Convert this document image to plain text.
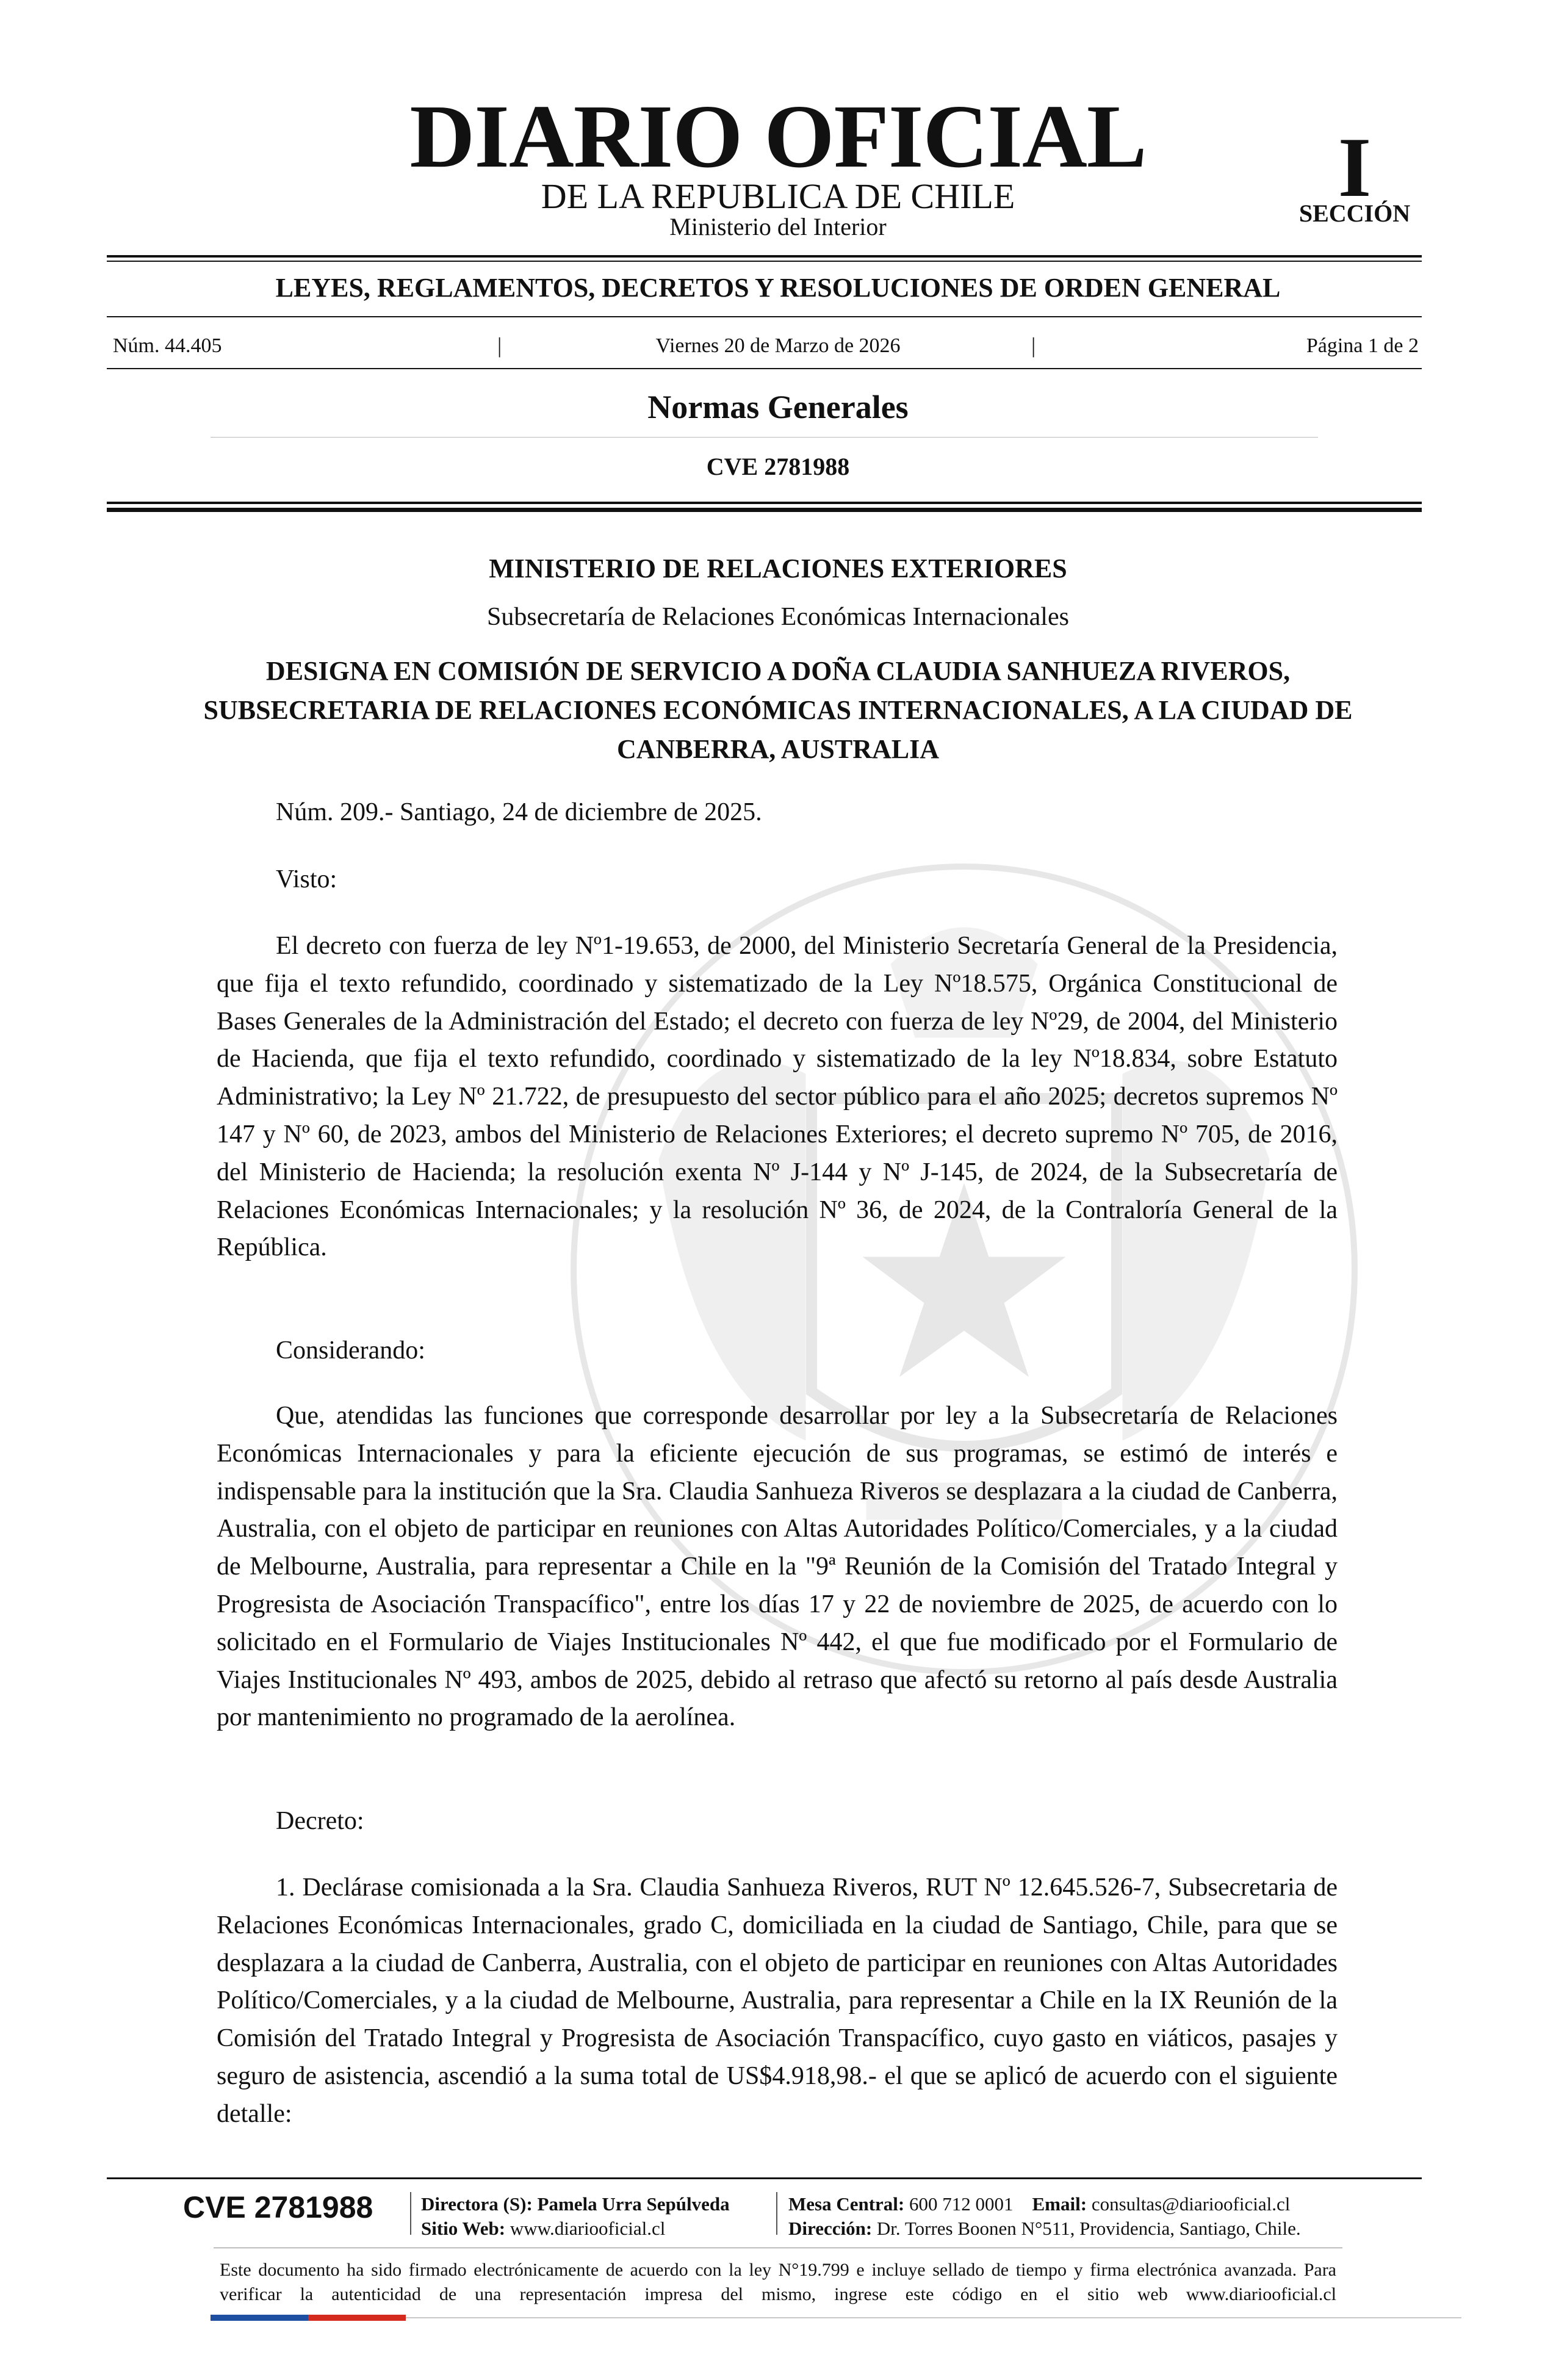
DIARIO OFICIAL
DE LA REPUBLICA DE CHILE
Ministerio del Interior
I
SECCIÓN
LEYES, REGLAMENTOS, DECRETOS Y RESOLUCIONES DE ORDEN GENERAL
Núm. 44.405	|	Viernes 20 de Marzo de 2026	|	Página 1 de 2
Normas Generales
CVE 2781988
MINISTERIO DE RELACIONES EXTERIORES
Subsecretaría de Relaciones Económicas Internacionales
DESIGNA EN COMISIÓN DE SERVICIO A DOÑA CLAUDIA SANHUEZA RIVEROS, SUBSECRETARIA DE RELACIONES ECONÓMICAS INTERNACIONALES, A LA CIUDAD DE CANBERRA, AUSTRALIA
Núm. 209.- Santiago, 24 de diciembre de 2025.
Visto:
El decreto con fuerza de ley Nº1-19.653, de 2000, del Ministerio Secretaría General de la Presidencia, que fija el texto refundido, coordinado y sistematizado de la Ley Nº18.575, Orgánica Constitucional de Bases Generales de la Administración del Estado; el decreto con fuerza de ley Nº29, de 2004, del Ministerio de Hacienda, que fija el texto refundido, coordinado y sistematizado de la ley Nº18.834, sobre Estatuto Administrativo; la Ley Nº 21.722, de presupuesto del sector público para el año 2025; decretos supremos Nº 147 y Nº 60, de 2023, ambos del Ministerio de Relaciones Exteriores; el decreto supremo Nº 705, de 2016, del Ministerio de Hacienda; la resolución exenta Nº J-144 y Nº J-145, de 2024, de la Subsecretaría de Relaciones Económicas Internacionales; y la resolución Nº 36, de 2024, de la Contraloría General de la República.
Considerando:
Que, atendidas las funciones que corresponde desarrollar por ley a la Subsecretaría de Relaciones Económicas Internacionales y para la eficiente ejecución de sus programas, se estimó de interés e indispensable para la institución que la Sra. Claudia Sanhueza Riveros se desplazara a la ciudad de Canberra, Australia, con el objeto de participar en reuniones con Altas Autoridades Político/Comerciales, y a la ciudad de Melbourne, Australia, para representar a Chile en la "9ª Reunión de la Comisión del Tratado Integral y Progresista de Asociación Transpacífico", entre los días 17 y 22 de noviembre de 2025, de acuerdo con lo solicitado en el Formulario de Viajes Institucionales Nº 442, el que fue modificado por el Formulario de Viajes Institucionales Nº 493, ambos de 2025, debido al retraso que afectó su retorno al país desde Australia por mantenimiento no programado de la aerolínea.
Decreto:
1. Declárase comisionada a la Sra. Claudia Sanhueza Riveros, RUT Nº 12.645.526-7, Subsecretaria de Relaciones Económicas Internacionales, grado C, domiciliada en la ciudad de Santiago, Chile, para que se desplazara a la ciudad de Canberra, Australia, con el objeto de participar en reuniones con Altas Autoridades Político/Comerciales, y a la ciudad de Melbourne, Australia, para representar a Chile en la IX Reunión de la Comisión del Tratado Integral y Progresista de Asociación Transpacífico, cuyo gasto en viáticos, pasajes y seguro de asistencia, ascendió a la suma total de US$4.918,98.- el que se aplicó de acuerdo con el siguiente detalle:
CVE 2781988	Directora (S): Pamela Urra Sepúlveda
Sitio Web: www.diariooficial.cl
Mesa Central: 600 712 0001 Email: consultas@diariooficial.cl
Dirección: Dr. Torres Boonen N°511, Providencia, Santiago, Chile.
Este documento ha sido firmado electrónicamente de acuerdo con la ley N°19.799 e incluye sellado de tiempo y firma electrónica avanzada. Para verificar la autenticidad de una representación impresa del mismo, ingrese este código en el sitio web www.diariooficial.cl
